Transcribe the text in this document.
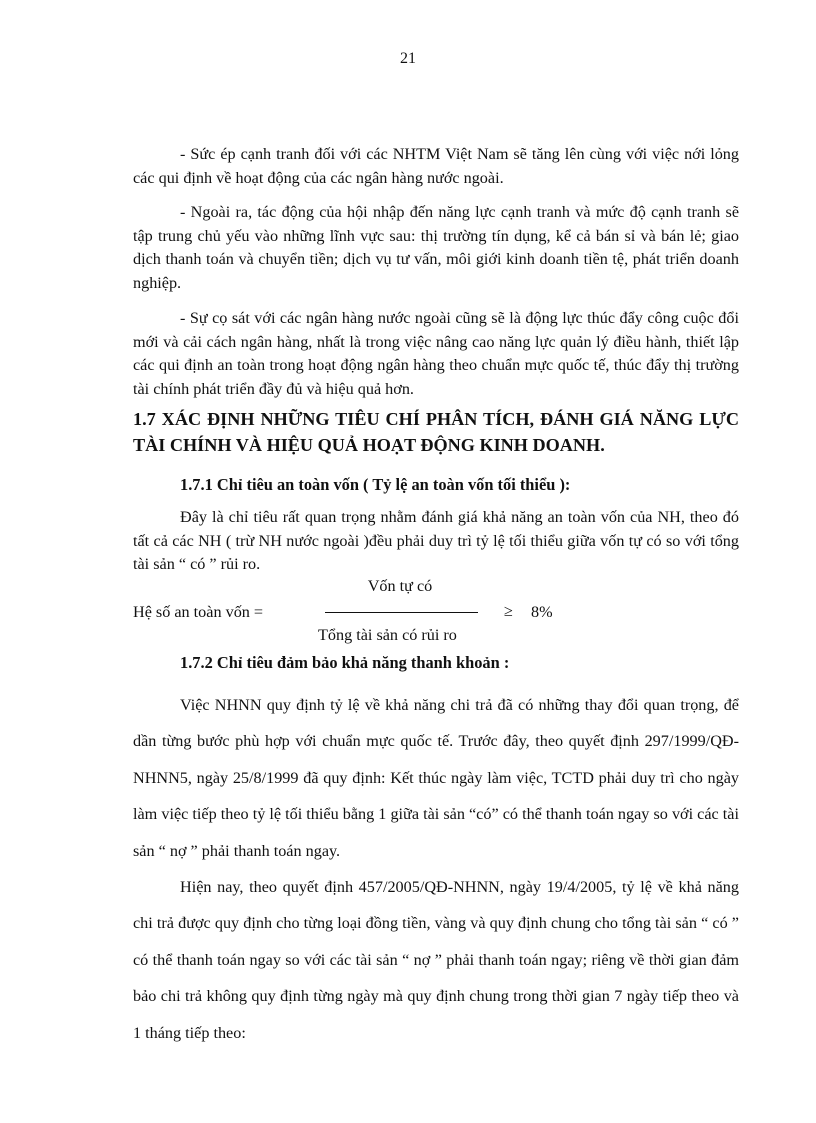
21

- Sức ép cạnh tranh đối với các NHTM Việt Nam sẽ tăng lên cùng với việc nới lỏng các qui định về hoạt động của các ngân hàng nước ngoài.

- Ngoài ra, tác động của hội nhập đến năng lực cạnh tranh và mức độ cạnh tranh sẽ tập trung chủ yếu vào những lĩnh vực sau: thị trường tín dụng, kể cả bán sỉ và bán lẻ; giao dịch thanh toán và chuyển tiền; dịch vụ tư vấn, môi giới kinh doanh tiền tệ, phát triển doanh nghiệp.

- Sự cọ sát với các ngân hàng nước ngoài cũng sẽ là động lực thúc đẩy công cuộc đổi mới và cải cách ngân hàng, nhất là trong việc nâng cao năng lực quản lý điều hành, thiết lập các qui định an toàn trong hoạt động ngân hàng theo chuẩn mực quốc tế, thúc đẩy thị trường tài chính phát triển đầy đủ và hiệu quả hơn.

1.7 XÁC ĐỊNH NHỮNG TIÊU CHÍ PHÂN TÍCH, ĐÁNH GIÁ NĂNG LỰC TÀI CHÍNH VÀ HIỆU QUẢ HOẠT ĐỘNG KINH DOANH.

1.7.1 Chỉ tiêu an toàn vốn ( Tỷ lệ an toàn vốn tối thiểu ):

Đây là chỉ tiêu rất quan trọng nhằm đánh giá khả năng an toàn vốn của NH, theo đó tất cả các NH ( trừ NH nước ngoài )đều phải duy trì tỷ lệ tối thiểu giữa vốn tự có so với tổng tài sản “ có ” rủi ro.

Hệ số an toàn vốn =
Vốn tự có
Tổng tài sản có rủi ro
≥ 8%

1.7.2 Chỉ tiêu đảm bảo khả năng thanh khoản :

Việc NHNN quy định tỷ lệ về khả năng chi trả đã có những thay đổi quan trọng, để dần từng bước phù hợp với chuẩn mực quốc tế. Trước đây, theo quyết định 297/1999/QĐ-NHNN5, ngày 25/8/1999 đã quy định: Kết thúc ngày làm việc, TCTD phải duy trì cho ngày làm việc tiếp theo tỷ lệ tối thiểu bằng 1 giữa tài sản “có” có thể thanh toán ngay so với các tài sản “ nợ ” phải thanh toán ngay.

Hiện nay, theo quyết định 457/2005/QĐ-NHNN, ngày 19/4/2005, tỷ lệ về khả năng chi trả được quy định cho từng loại đồng tiền, vàng và quy định chung cho tổng tài sản “ có ” có thể thanh toán ngay so với các tài sản “ nợ ” phải thanh toán ngay; riêng về thời gian đảm bảo chi trả không quy định từng ngày mà quy định chung trong thời gian 7 ngày tiếp theo và 1 tháng tiếp theo:
